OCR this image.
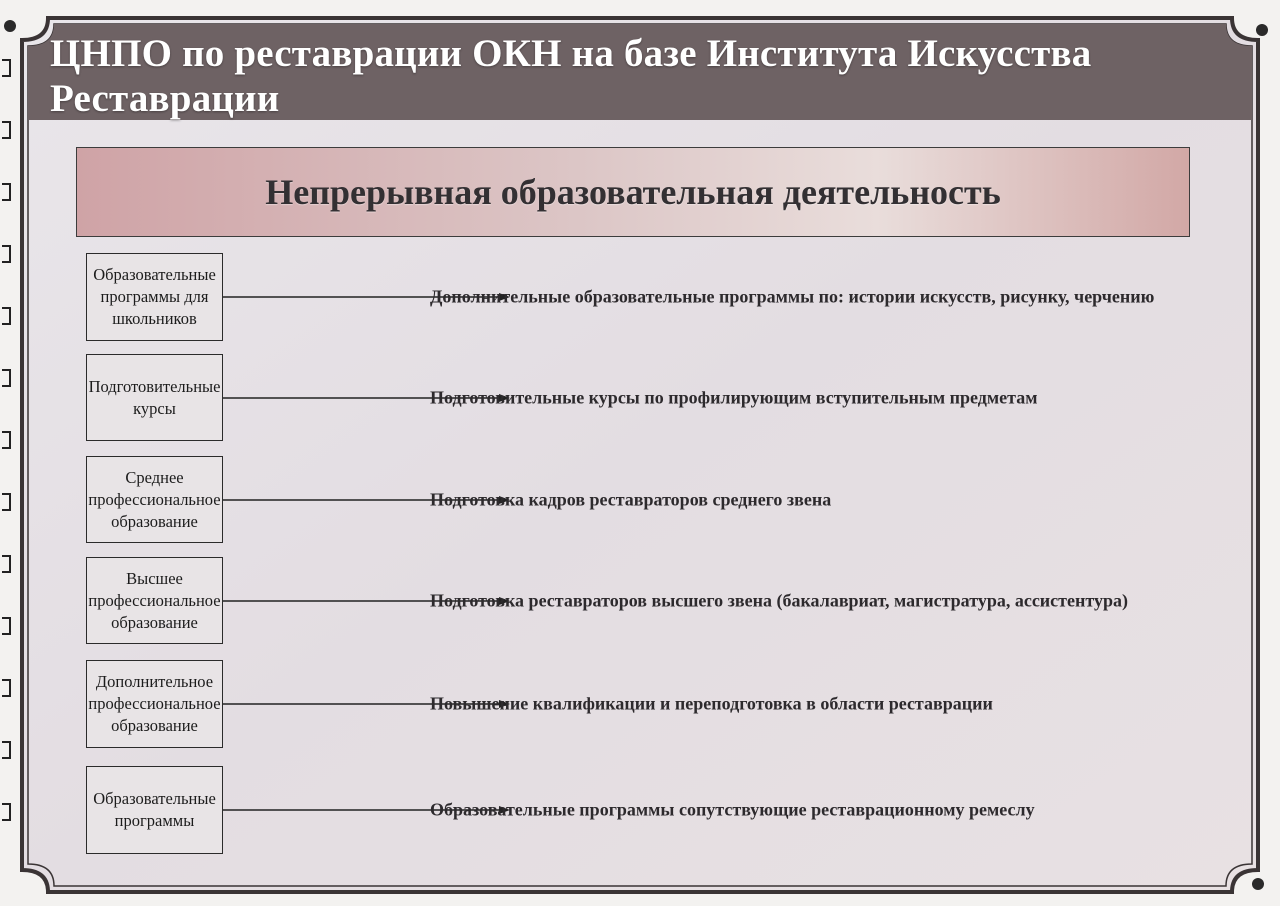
ЦНПО по реставрации ОКН на базе Института Искусства Реставрации
Непрерывная образовательная деятельность
Образовательные программы для школьников
Дополнительные образовательные программы по: истории искусств, рисунку, черчению
Подготовительные курсы
Подготовительные курсы по профилирующим вступительным предметам
Среднее профессиональное образование
Подготовка кадров реставраторов среднего звена
Высшее профессиональное образование
Подготовка реставраторов высшего звена (бакалавриат, магистратура, ассистентура)
Дополнительное профессиональное образование
Повышение квалификации и переподготовка в области реставрации
Образовательные программы
Образовательные программы сопутствующие реставрационному ремеслу
